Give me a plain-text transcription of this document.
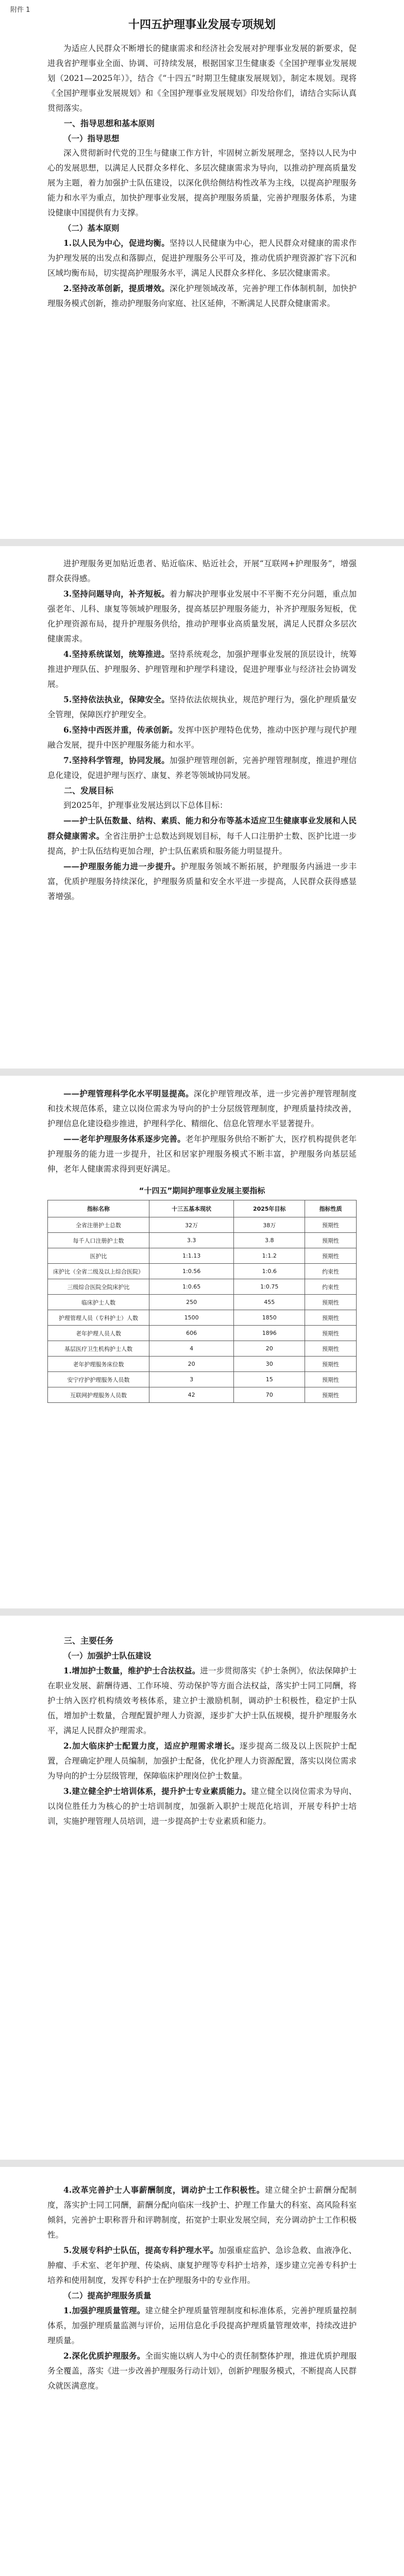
附件 1
十四五护理事业发展专项规划

为适应人民群众不断增长的健康需求和经济社会发展对护理事业发展的新要求，促进我省护理事业全面、协调、可持续发展，根据国家卫生健康委《全国护理事业发展规划（2021—2025年）》，结合《“十四五”时期卫生健康发展规划》，制定本规划。现将《全国护理事业发展规划》和《全国护理事业发展规划》印发给你们，请结合实际认真贯彻落实。

一、指导思想和基本原则

（一）指导思想

深入贯彻新时代党的卫生与健康工作方针，牢固树立新发展理念，坚持以人民为中心的发展思想，以满足人民群众多样化、多层次健康需求为导向，以推动护理高质量发展为主题，着力加强护士队伍建设，以深化供给侧结构性改革为主线，以提高护理服务能力和水平为重点，加快护理事业发展，提高护理服务质量，完善护理服务体系，为建设健康中国提供有力支撑。

（二）基本原则

1.以人民为中心，促进均衡。坚持以人民健康为中心，把人民群众对健康的需求作为护理发展的出发点和落脚点，促进护理服务公平可及，推动优质护理资源扩容下沉和区域均衡布局，切实提高护理服务水平，满足人民群众多样化、多层次健康需求。

2.坚持改革创新，提质增效。深化护理领域改革，完善护理工作体制机制，加快护理服务模式创新，推动护理服务向家庭、社区延伸，不断满足人民群众健康需求。

进护理服务更加贴近患者、贴近临床、贴近社会，开展“互联网+护理服务”，增强群众获得感。

3.坚持问题导向，补齐短板。着力解决护理事业发展中不平衡不充分问题，重点加强老年、儿科、康复等领域护理服务，提高基层护理服务能力，补齐护理服务短板，优化护理资源布局，提升护理服务供给，推动护理事业高质量发展，满足人民群众多层次健康需求。

4.坚持系统谋划，统筹推进。坚持系统观念，加强护理事业发展的顶层设计，统筹推进护理队伍、护理服务、护理管理和护理学科建设，促进护理事业与经济社会协调发展。

5.坚持依法执业，保障安全。坚持依法依规执业，规范护理行为，强化护理质量安全管理，保障医疗护理安全。

6.坚持中西医并重，传承创新。发挥中医护理特色优势，推动中医护理与现代护理融合发展，提升中医护理服务能力和水平。

7.坚持科学管理，协同发展。加强护理管理创新，完善护理管理制度，推进护理信息化建设，促进护理与医疗、康复、养老等领域协同发展。

二、发展目标

到2025年，护理事业发展达到以下总体目标：

——护士队伍数量、结构、素质、能力和分布等基本适应卫生健康事业发展和人民群众健康需求。全省注册护士总数达到规划目标，每千人口注册护士数、医护比进一步提高，护士队伍结构更加合理，护士队伍素质和服务能力明显提升。

——护理服务能力进一步提升。护理服务领域不断拓展，护理服务内涵进一步丰富，优质护理服务持续深化，护理服务质量和安全水平进一步提高，人民群众获得感显著增强。

——护理管理科学化水平明显提高。深化护理管理改革，进一步完善护理管理制度和技术规范体系，建立以岗位需求为导向的护士分层级管理制度，护理质量持续改善，护理信息化建设稳步推进，护理科学化、精细化、信息化管理水平显著提升。

——老年护理服务体系逐步完善。老年护理服务供给不断扩大，医疗机构提供老年护理服务的能力进一步提升，社区和居家护理服务模式不断丰富，护理服务向基层延伸，老年人健康需求得到更好满足。

“十四五”期间护理事业发展主要指标

指标名称	十三五基本现状	2025年目标	指标性质
全省注册护士总数	32万	38万	预期性
每千人口注册护士数	3.3	3.8	预期性
医护比	1:1.13	1:1.2	预期性
床护比（全省二级及以上综合医院）	1:0.56	1:0.6	约束性
三级综合医院全院床护比	1:0.65	1:0.75	约束性
临床护士人数	250	455	预期性
护理管理人员（专科护士）人数	1500	1850	预期性
老年护理人员人数	606	1896	预期性
基层医疗卫生机构护士人数	4	20	预期性
老年护理服务床位数	20	30	预期性
安宁疗护护理服务人员数	3	15	预期性
互联网护理服务人员数	42	70	预期性

三、主要任务

（一）加强护士队伍建设

1.增加护士数量，维护护士合法权益。进一步贯彻落实《护士条例》，依法保障护士在职业发展、薪酬待遇、工作环境、劳动保护等方面合法权益，落实护士同工同酬，将护士纳入医疗机构绩效考核体系，建立护士激励机制，调动护士积极性，稳定护士队伍，增加护士数量，合理配置护理人力资源，逐步扩大护士队伍规模，提升护理服务水平，满足人民群众护理需求。

2.加大临床护士配置力度，适应护理需求增长。逐步提高二级及以上医院护士配置，合理确定护理人员编制，加强护士配备，优化护理人力资源配置，落实以岗位需求为导向的护士分层级管理，保障临床护理岗位护士数量。

3.建立健全护士培训体系，提升护士专业素质能力。建立健全以岗位需求为导向、以岗位胜任力为核心的护士培训制度，加强新入职护士规范化培训，开展专科护士培训，实施护理管理人员培训，进一步提高护士专业素质和能力。

4.改革完善护士人事薪酬制度，调动护士工作积极性。建立健全护士薪酬分配制度，落实护士同工同酬，薪酬分配向临床一线护士、护理工作量大的科室、高风险科室倾斜，完善护士职称晋升和评聘制度，拓宽护士职业发展空间，充分调动护士工作积极性。

5.发展专科护士队伍，提高专科护理水平。加强重症监护、急诊急救、血液净化、肿瘤、手术室、老年护理、传染病、康复护理等专科护士培养，逐步建立完善专科护士培养和使用制度，发挥专科护士在护理服务中的专业作用。

（二）提高护理服务质量

1.加强护理质量管理。建立健全护理质量管理制度和标准体系，完善护理质量控制体系，加强护理质量监测与评价，运用信息化手段提高护理质量管理效率，持续改进护理质量。

2.深化优质护理服务。全面实施以病人为中心的责任制整体护理，推进优质护理服务全覆盖，落实《进一步改善护理服务行动计划》，创新护理服务模式，不断提高人民群众就医满意度。
